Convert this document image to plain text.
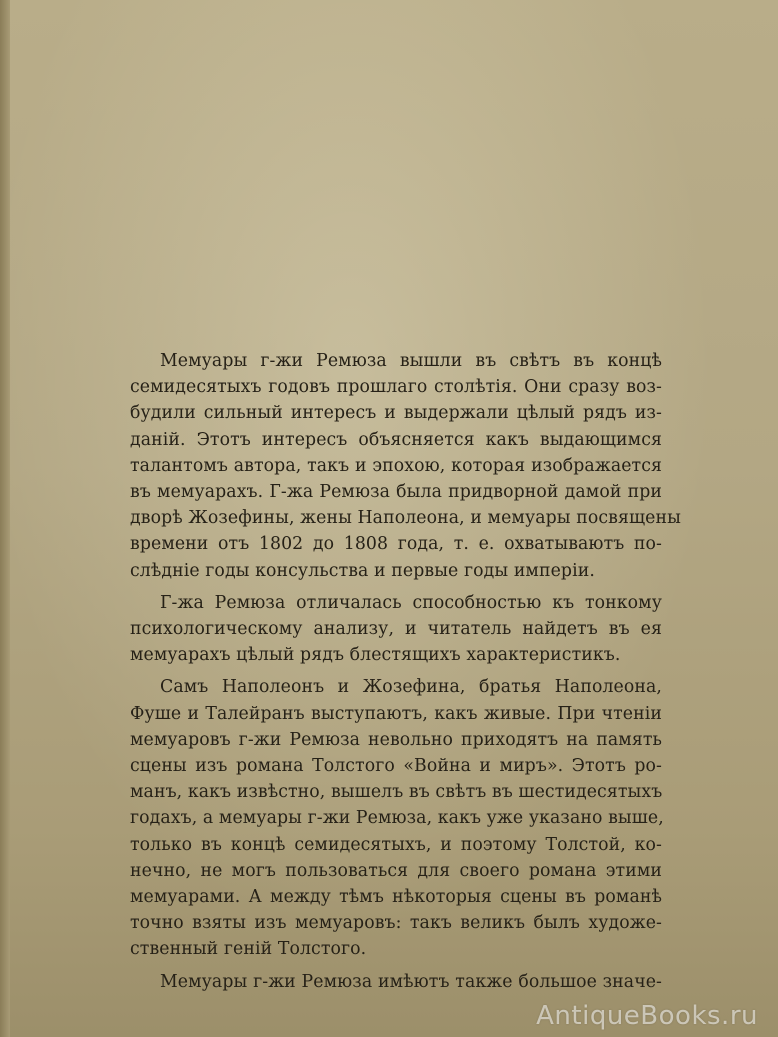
Мемуары г-жи Ремюза вышли въ свѣтъ въ концѣ
семидесятыхъ годовъ прошлаго столѣтія. Они сразу воз-
будили сильный интересъ и выдержали цѣлый рядъ из-
даній. Этотъ интересъ объясняется какъ выдающимся
талантомъ автора, такъ и эпохою, которая изображается
въ мемуарахъ. Г-жа Ремюза была придворной дамой при
дворѣ Жозефины, жены Наполеона, и мемуары посвящены
времени отъ 1802 до 1808 года, т. е. охватываютъ по-
слѣдніе годы консульства и первые годы имперіи.
Г-жа Ремюза отличалась способностью къ тонкому
психологическому анализу, и читатель найдетъ въ ея
мемуарахъ цѣлый рядъ блестящихъ характеристикъ.
Самъ Наполеонъ и Жозефина, братья Наполеона,
Фуше и Талейранъ выступаютъ, какъ живые. При чтеніи
мемуаровъ г-жи Ремюза невольно приходятъ на память
сцены изъ романа Толстого «Война и миръ». Этотъ ро-
манъ, какъ извѣстно, вышелъ въ свѣтъ въ шестидесятыхъ
годахъ, а мемуары г-жи Ремюза, какъ уже указано выше,
только въ концѣ семидесятыхъ, и поэтому Толстой, ко-
нечно, не могъ пользоваться для своего романа этими
мемуарами. А между тѣмъ нѣкоторыя сцены въ романѣ
точно взяты изъ мемуаровъ: такъ великъ былъ художе-
ственный геній Толстого.
Мемуары г-жи Ремюза имѣютъ также большое значе-
AntiqueBooks.ru
